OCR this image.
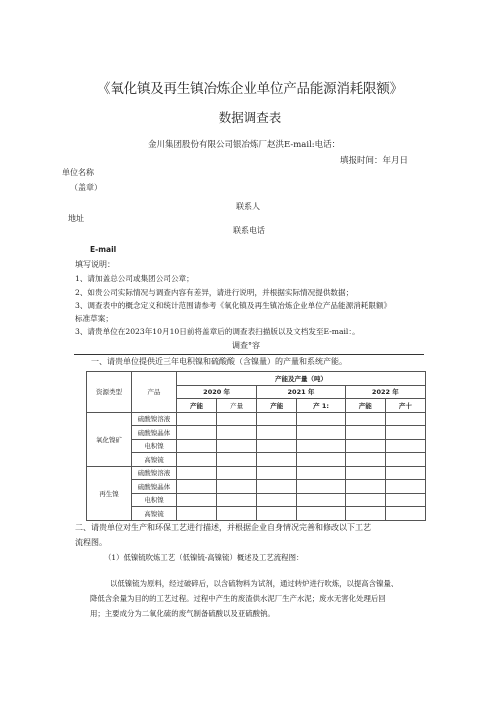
《氧化镇及再生镇冶炼企业单位产品能源消耗限额》
数据调查表
金川集团股份有限公司银冶炼厂赵洪E-mail:电话：
填报时间：年月日
单位名称
（盖章）
联系人
地址
联系电话
E-mail
填写说明：
1、请加盖总公司或集团公司公章；
2、如贵公司实际情况与调查内容有差异，请进行说明，并根据实际情况提供数据；
3、调查表中的概念定义和统计范围请参考《氧化镇及再生镇冶炼企业单位产品能源消耗限额》
标准草案；
3、请贵单位在2023年10月10日前将盖章后的调查表扫描版以及文档发至E-mail：。
调查°容
一、请贵单位提供近三年电积镍和硫酸酸（含镍量）的产量和系统产能。
资源类型	产品	产能及产量（吨）					
		2020 年		2021 年		2022 年	
		产能	产量	产能	产 1:	产能	产十
氧化镍矿	硫酸镍溶液						
	硫酸镍晶体						
	电积镍						
	高镍锍						
再生镍	硫酸镍溶液						
	硫酸镍晶体						
	电积镍						
	高镍锍						
二、请贵单位对生产和环保工艺进行描述，并根据企业自身情况完善和修改以下工艺
流程图。
（1）低镍锍吹炼工艺（低镍锍-高镍锍）概述及工艺流程图：
以低镍锍为原料，经过破碎后，以含硫物料为试剂，通过转炉进行吹炼，以提高含镍量、
降低含余量为目的的工艺过程。过程中产生的废渣供水泥厂生产水泥；废水无害化处理后回
用；主要成分为二氧化硫的废气制备硫酸以及亚硫酸钠。
